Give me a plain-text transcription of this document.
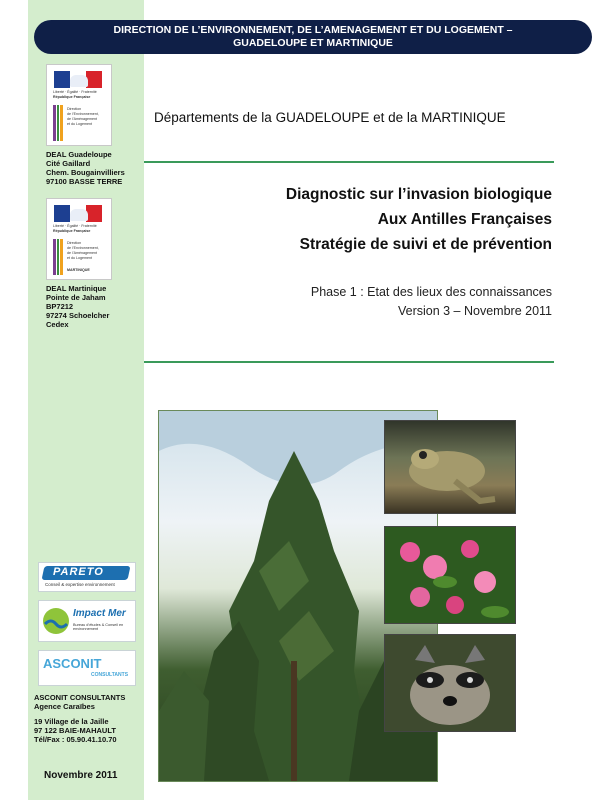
DIRECTION DE L’ENVIRONNEMENT, DE L’AMENAGEMENT ET DU LOGEMENT –
GUADELOUPE ET MARTINIQUE
Liberté · Égalité · Fraternité
République Française
Direction
de l’Environnement,
de l’Aménagement
et du Logement
DEAL Guadeloupe
Cité Gaillard
Chem. Bougainvilliers
97100 BASSE TERRE
Liberté · Égalité · Fraternité
République Française
Direction
de l’Environnement,
de l’Aménagement
et du Logement
MARTINIQUE
DEAL Martinique
Pointe de Jaham
BP7212
97274 Schoelcher
Cedex
Départements de la GUADELOUPE et de la MARTINIQUE
Diagnostic sur l’invasion biologique
Aux Antilles Françaises
Stratégie de suivi et de prévention
Phase 1 : Etat des lieux des connaissances
Version 3 – Novembre 2011
PARETO
Conseil & expertise environnement
Impact Mer
Bureau d’études & Conseil en environnement
ASCONIT
CONSULTANTS
ASCONIT CONSULTANTS
Agence Caraïbes
19 Village de la Jaille
97 122 BAIE-MAHAULT
Tél/Fax : 05.90.41.10.70
Novembre 2011
